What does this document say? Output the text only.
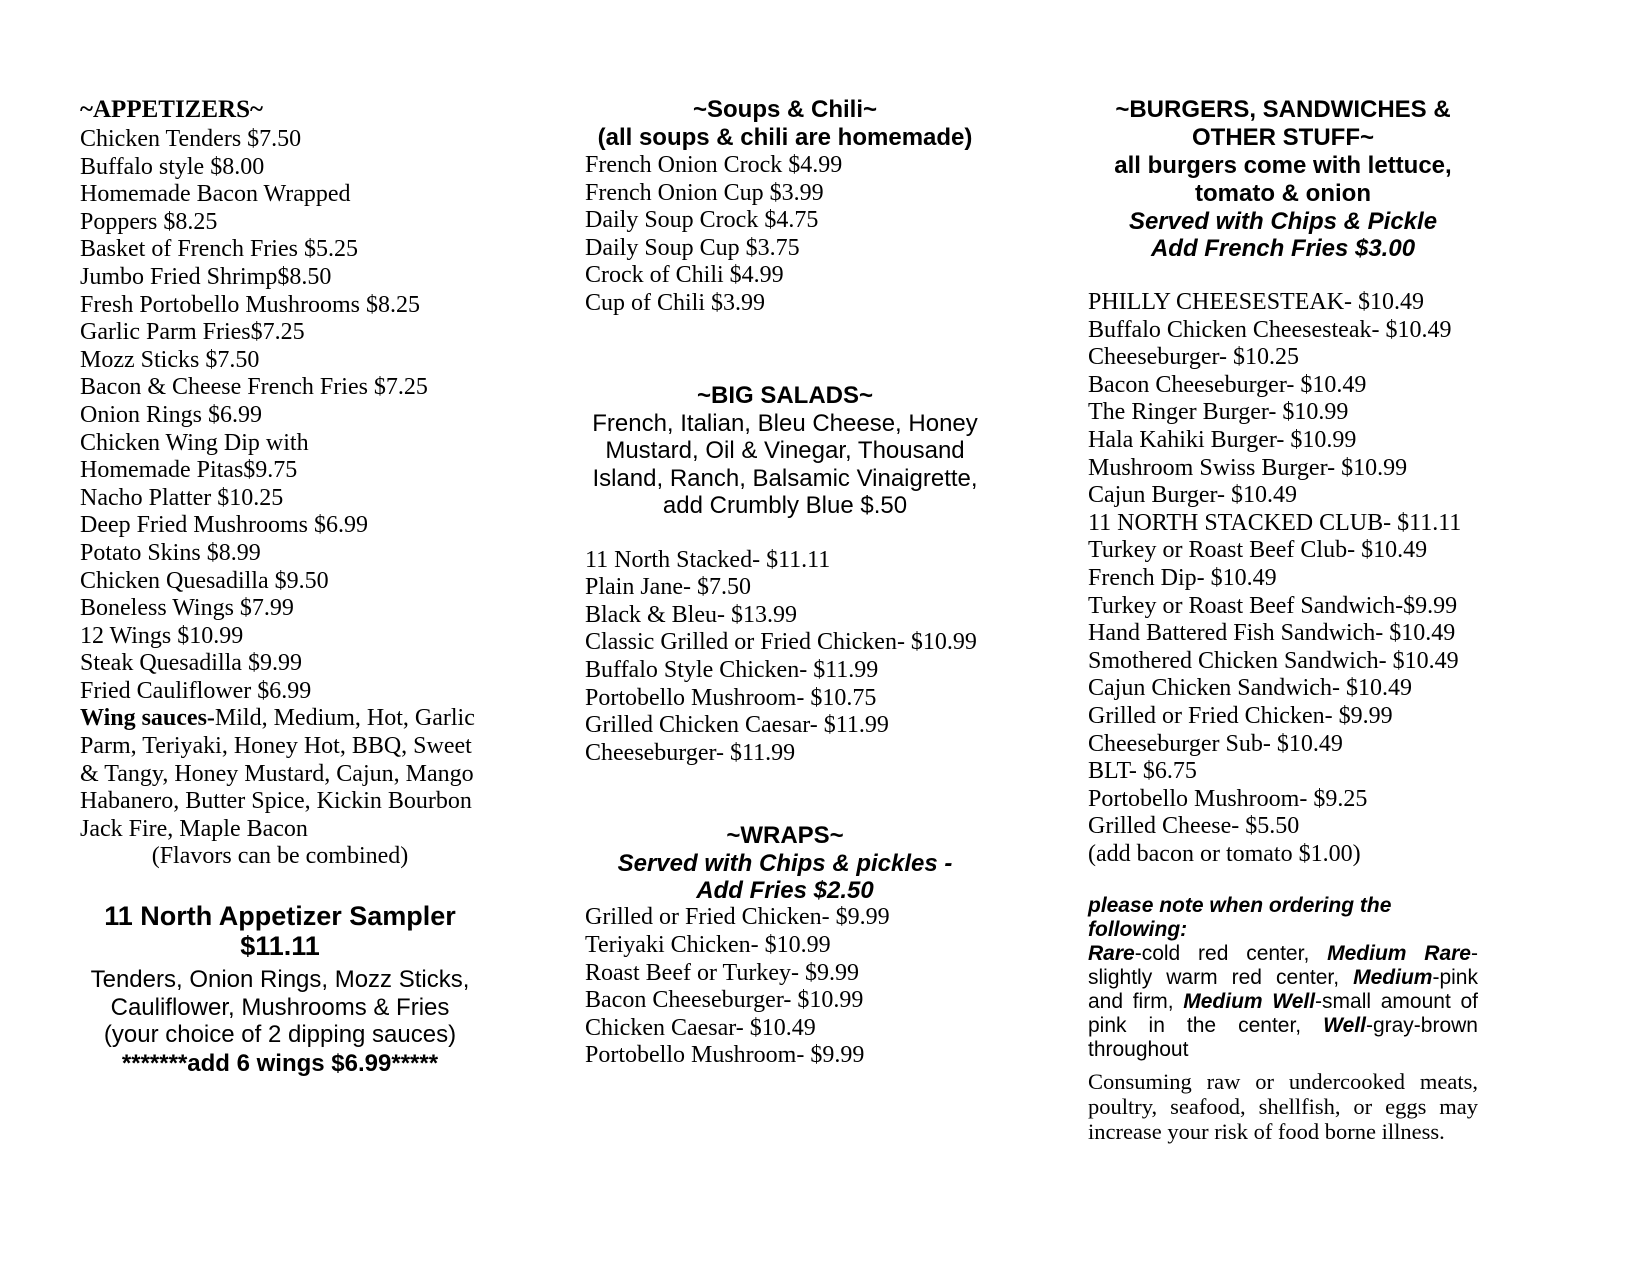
~APPETIZERS~
Chicken Tenders $7.50
Buffalo style $8.00
Homemade Bacon Wrapped
Poppers $8.25
Basket of French Fries $5.25
Jumbo Fried Shrimp$8.50
Fresh Portobello Mushrooms $8.25
Garlic Parm Fries$7.25
Mozz Sticks $7.50
Bacon & Cheese French Fries $7.25
Onion Rings $6.99
Chicken Wing Dip with
Homemade Pitas$9.75
Nacho Platter $10.25
Deep Fried Mushrooms $6.99
Potato Skins $8.99
Chicken Quesadilla $9.50
Boneless Wings $7.99
12 Wings $10.99
Steak Quesadilla $9.99
Fried Cauliflower $6.99
Wing sauces-Mild, Medium, Hot, Garlic
Parm, Teriyaki, Honey Hot, BBQ, Sweet
& Tangy, Honey Mustard, Cajun, Mango
Habanero, Butter Spice, Kickin Bourbon
Jack Fire, Maple Bacon
(Flavors can be combined)
11 North Appetizer Sampler
$11.11
Tenders, Onion Rings, Mozz Sticks,
Cauliflower, Mushrooms & Fries
(your choice of 2 dipping sauces)
*******add 6 wings $6.99*****
~Soups & Chili~
(all soups & chili are homemade)
French Onion Crock $4.99
French Onion Cup $3.99
Daily Soup Crock $4.75
Daily Soup Cup $3.75
Crock of Chili $4.99
Cup of Chili $3.99
~BIG SALADS~
French, Italian, Bleu Cheese, Honey
Mustard, Oil & Vinegar, Thousand
Island, Ranch, Balsamic Vinaigrette,
add Crumbly Blue $.50
11 North Stacked- $11.11
Plain Jane- $7.50
Black & Bleu- $13.99
Classic Grilled or Fried Chicken- $10.99
Buffalo Style Chicken- $11.99
Portobello Mushroom- $10.75
Grilled Chicken Caesar- $11.99
Cheeseburger- $11.99
~WRAPS~
Served with Chips & pickles -
Add Fries $2.50
Grilled or Fried Chicken- $9.99
Teriyaki Chicken- $10.99
Roast Beef or Turkey- $9.99
Bacon Cheeseburger- $10.99
Chicken Caesar- $10.49
Portobello Mushroom- $9.99
~BURGERS, SANDWICHES &
OTHER STUFF~
all burgers come with lettuce,
tomato & onion
Served with Chips & Pickle
Add French Fries $3.00
PHILLY CHEESESTEAK- $10.49
Buffalo Chicken Cheesesteak- $10.49
Cheeseburger- $10.25
Bacon Cheeseburger- $10.49
The Ringer Burger- $10.99
Hala Kahiki Burger- $10.99
Mushroom Swiss Burger- $10.99
Cajun Burger- $10.49
11 NORTH STACKED CLUB- $11.11
Turkey or Roast Beef Club- $10.49
French Dip- $10.49
Turkey or Roast Beef Sandwich-$9.99
Hand Battered Fish Sandwich- $10.49
Smothered Chicken Sandwich- $10.49
Cajun Chicken Sandwich- $10.49
Grilled or Fried Chicken- $9.99
Cheeseburger Sub- $10.49
BLT- $6.75
Portobello Mushroom- $9.25
Grilled Cheese- $5.50
(add bacon or tomato $1.00)
please note when ordering the following:
Rare-cold red center, Medium Rare-slightly warm red center, Medium-pink and firm, Medium Well-small amount of pink in the center, Well-gray-brown throughout
Consuming raw or undercooked meats, poultry, seafood, shellfish, or eggs may increase your risk of food borne illness.
